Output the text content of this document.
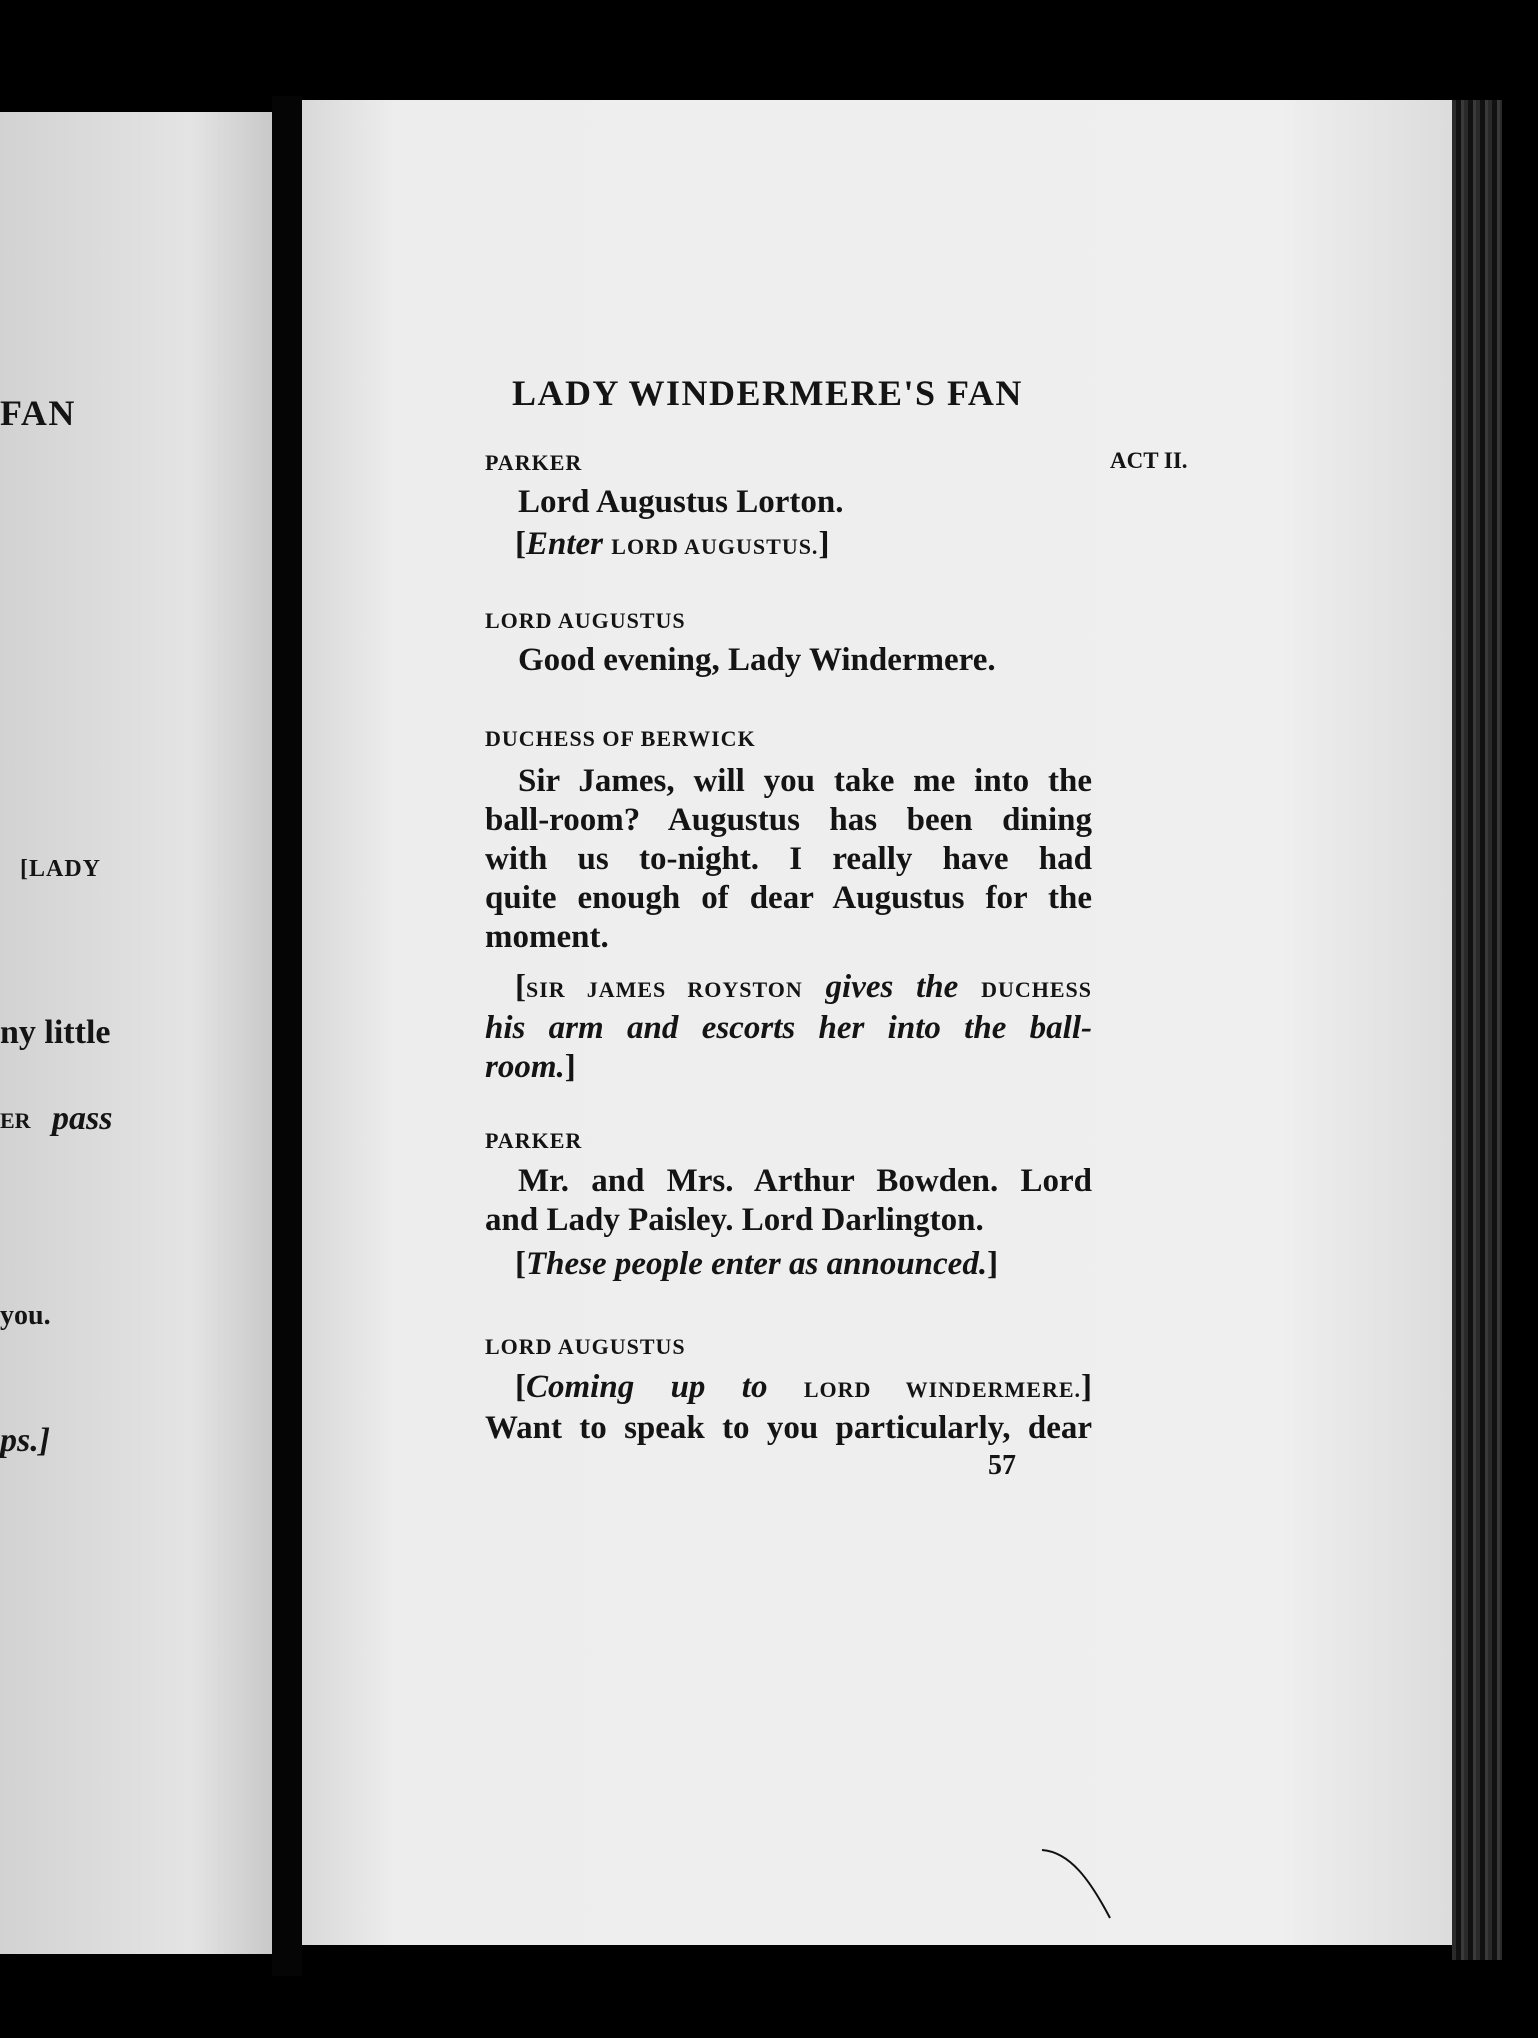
FAN
[LADY
ny little
ER pass
you.
ps.]
LADY WINDERMERE'S FAN
ACT II.
PARKER
Lord Augustus Lorton.
[Enter LORD AUGUSTUS.]
LORD AUGUSTUS
Good evening, Lady Windermere.
DUCHESS OF BERWICK
Sir James, will you take me into the
ball-room? Augustus has been dining
with us to-night. I really have had
quite enough of dear Augustus for the
moment.
[SIR JAMES ROYSTON gives the DUCHESS
his arm and escorts her into the ball-
room.]
PARKER
Mr. and Mrs. Arthur Bowden. Lord
and Lady Paisley. Lord Darlington.
[These people enter as announced.]
LORD AUGUSTUS
[Coming up to LORD WINDERMERE.]
Want to speak to you particularly, dear
57
